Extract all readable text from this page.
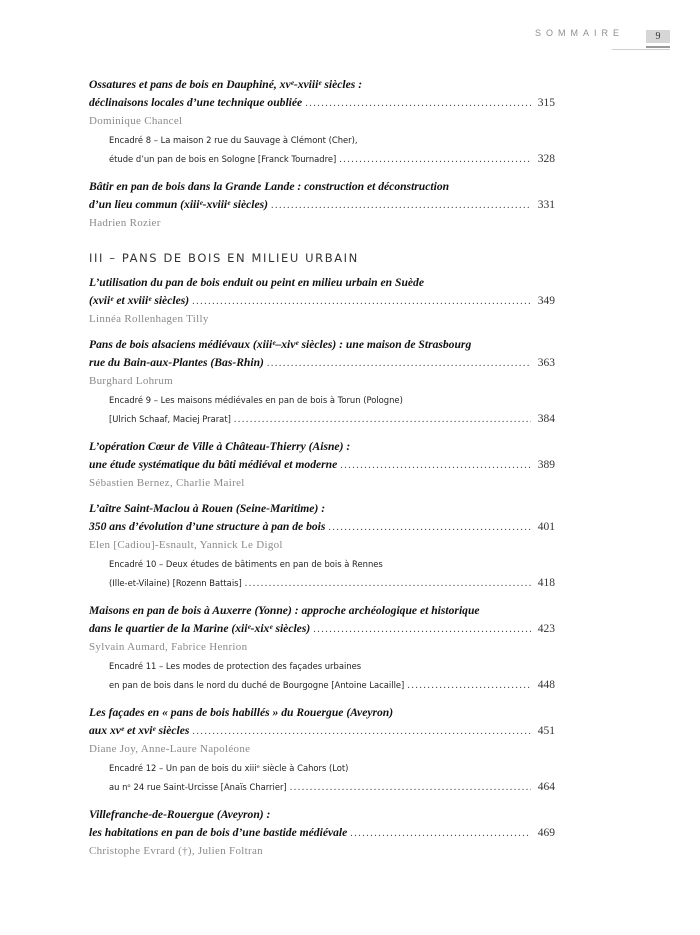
SOMMAIRE	9
Ossatures et pans de bois en Dauphiné, xvᵉ-xviiiᵉ siècles :
déclinaisons locales d’une technique oubliée .....	315
Dominique Chancel
Encadré 8 – La maison 2 rue du Sauvage à Clémont (Cher),
étude d’un pan de bois en Sologne [Franck Tournadre] .....	328
Bâtir en pan de bois dans la Grande Lande : construction et déconstruction
d’un lieu commun (xiiiᵉ-xviiiᵉ siècles) .....	331
Hadrien Rozier
III – PANS DE BOIS EN MILIEU URBAIN
L’utilisation du pan de bois enduit ou peint en milieu urbain en Suède
(xviiᵉ et xviiiᵉ siècles) .....	349
Linnéa Rollenhagen Tilly
Pans de bois alsaciens médiévaux (xiiiᵉ–xivᵉ siècles) : une maison de Strasbourg
rue du Bain-aux-Plantes (Bas-Rhin) .....	363
Burghard Lohrum
Encadré 9 – Les maisons médiévales en pan de bois à Torun (Pologne)
[Ulrich Schaaf, Maciej Prarat] .....	384
L’opération Cœur de Ville à Château-Thierry (Aisne) :
une étude systématique du bâti médiéval et moderne .....	389
Sébastien Bernez, Charlie Mairel
L’aître Saint-Maclou à Rouen (Seine-Maritime) :
350 ans d’évolution d’une structure à pan de bois .....	401
Elen [Cadiou]-Esnault, Yannick Le Digol
Encadré 10 – Deux études de bâtiments en pan de bois à Rennes
(Ille-et-Vilaine) [Rozenn Battais] .....	418
Maisons en pan de bois à Auxerre (Yonne) : approche archéologique et historique
dans le quartier de la Marine (xiiᵉ-xixᵉ siècles) .....	423
Sylvain Aumard, Fabrice Henrion
Encadré 11 – Les modes de protection des façades urbaines
en pan de bois dans le nord du duché de Bourgogne [Antoine Lacaille] .....	448
Les façades en « pans de bois habillés » du Rouergue (Aveyron)
aux xvᵉ et xviᵉ siècles .....	451
Diane Joy, Anne-Laure Napoléone
Encadré 12 – Un pan de bois du xiiiᵉ siècle à Cahors (Lot)
au nᵒ 24 rue Saint-Urcisse [Anaïs Charrier] .....	464
Villefranche-de-Rouergue (Aveyron) :
les habitations en pan de bois d’une bastide médiévale .....	469
Christophe Evrard (†), Julien Foltran
